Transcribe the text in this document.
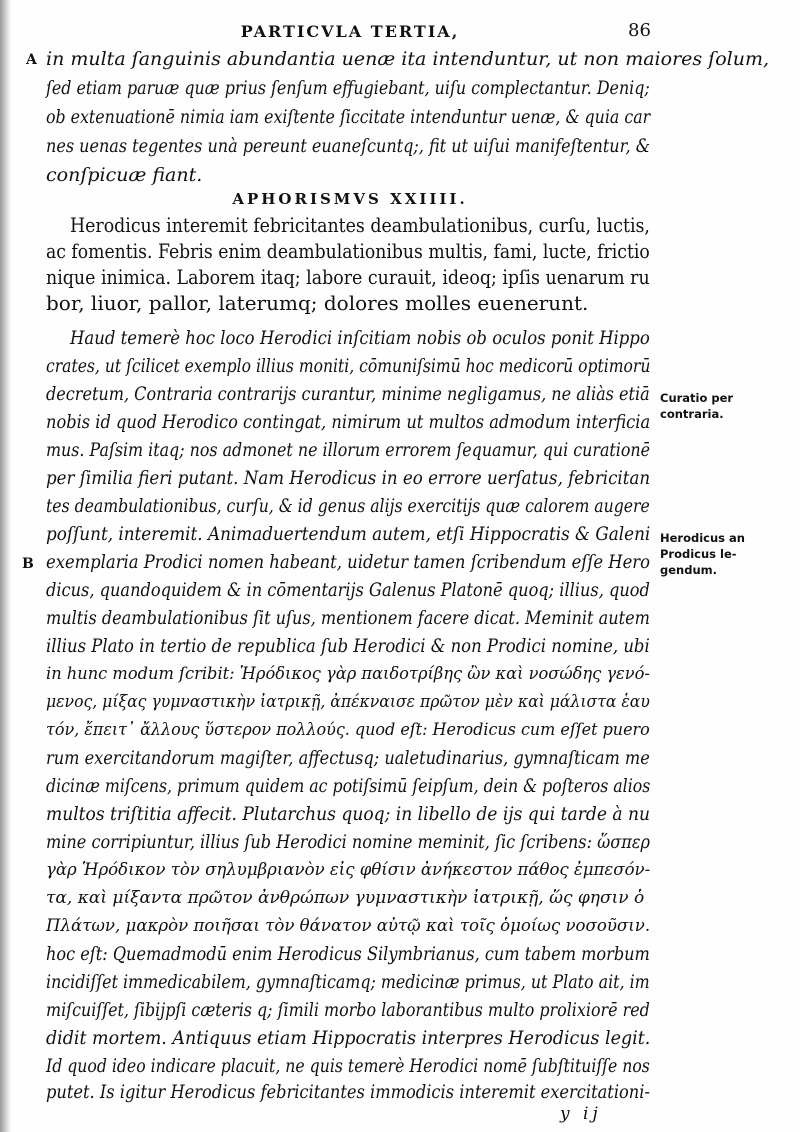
PARTICVLA TERTIA,	86
A in multa ſanguinis abundantia uenæ ita intenduntur, ut non maiores ſolum,
ſed etiam paruæ quæ prius ſenſum effugiebant, uiſu complectantur. Deniq;
ob extenuationē nimia iam exiſtente ſiccitate intenduntur uenæ, & quia car
nes uenas tegentes unà pereunt euaneſcuntq;, fit ut uiſui manifeſtentur, &
conſpicuæ fiant.
APHORISMVS XXIIII.
Herodicus interemit febricitantes deambulationibus, curſu, luctis,
ac fomentis. Febris enim deambulationibus multis, fami, lucte, frictio
nique inimica. Laborem itaq; labore curauit, ideoq; ipſis uenarum ru
bor, liuor, pallor, laterumq; dolores molles euenerunt.
Haud temerè hoc loco Herodici inſcitiam nobis ob oculos ponit Hippo
crates, ut ſcilicet exemplo illius moniti, cōmuniſsimū hoc medicorū optimorū
decretum, Contraria contrarijs curantur, minime negligamus, ne aliàs etiā
nobis id quod Herodico contingat, nimirum ut multos admodum interficia
mus. Paſsim itaq; nos admonet ne illorum errorem ſequamur, qui curationē
per ſimilia fieri putant. Nam Herodicus in eo errore uerſatus, febricitan
tes deambulationibus, curſu, & id genus alijs exercitijs quæ calorem augere
poſſunt, interemit. Animaduertendum autem, etſi Hippocratis & Galeni
exemplaria Prodici nomen habeant, uidetur tamen ſcribendum eſſe Hero
dicus, quandoquidem & in cōmentarijs Galenus Platonē quoq; illius, quod
multis deambulationibus ſit uſus, mentionem facere dicat. Meminit autem
illius Plato in tertio de republica ſub Herodici & non Prodici nomine, ubi
in hunc modum ſcribit: Ἡρόδικος γὰρ παιδοτρίβης ὢν καὶ νοσώδης γενό-
μενος, μίξας γυμναστικὴν ἰατρικῇ, ἀπέκναισε πρῶτον μὲν καὶ μάλιστα ἑαυ
τόν, ἔπειτ᾽ ἄλλους ὕστερον πολλούς. quod eſt: Herodicus cum eſſet puero
rum exercitandorum magiſter, affectusq; ualetudinarius, gymnaſticam me
dicinæ miſcens, primum quidem ac potiſsimū ſeipſum, dein & poſteros alios
multos triſtitia affecit. Plutarchus quoq; in libello de ijs qui tarde à nu
mine corripiuntur, illius ſub Herodici nomine meminit, ſic ſcribens: ὥσπερ
γὰρ Ἡρόδικον τὸν σηλυμβριανὸν εἰς φθίσιν ἀνήκεστον πάθος ἐμπεσόν-
τα, καὶ μίξαντα πρῶτον ἀνθρώπων γυμναστικὴν ἰατρικῇ, ὥς φησιν ὁ
Πλάτων, μακρὸν ποιῆσαι τὸν θάνατον αὐτῷ καὶ τοῖς ὁμοίως νοσοῦσιν.
hoc eſt: Quemadmodū enim Herodicus Silymbrianus, cum tabem morbum
incidiſſet immedicabilem, gymnaſticamq; medicinæ primus, ut Plato ait, im
miſcuiſſet, ſibijpſi cæteris q; ſimili morbo laborantibus multo prolixiorē red
didit mortem. Antiquus etiam Hippocratis interpres Herodicus legit.
Id quod ideo indicare placuit, ne quis temerè Herodici nomē ſubſtituiſſe nos
putet. Is igitur Herodicus febricitantes immodicis interemit exercitationi-
B
Curatio per
contraria.
Herodicus an
Prodicus le-
gendum.
y ij
